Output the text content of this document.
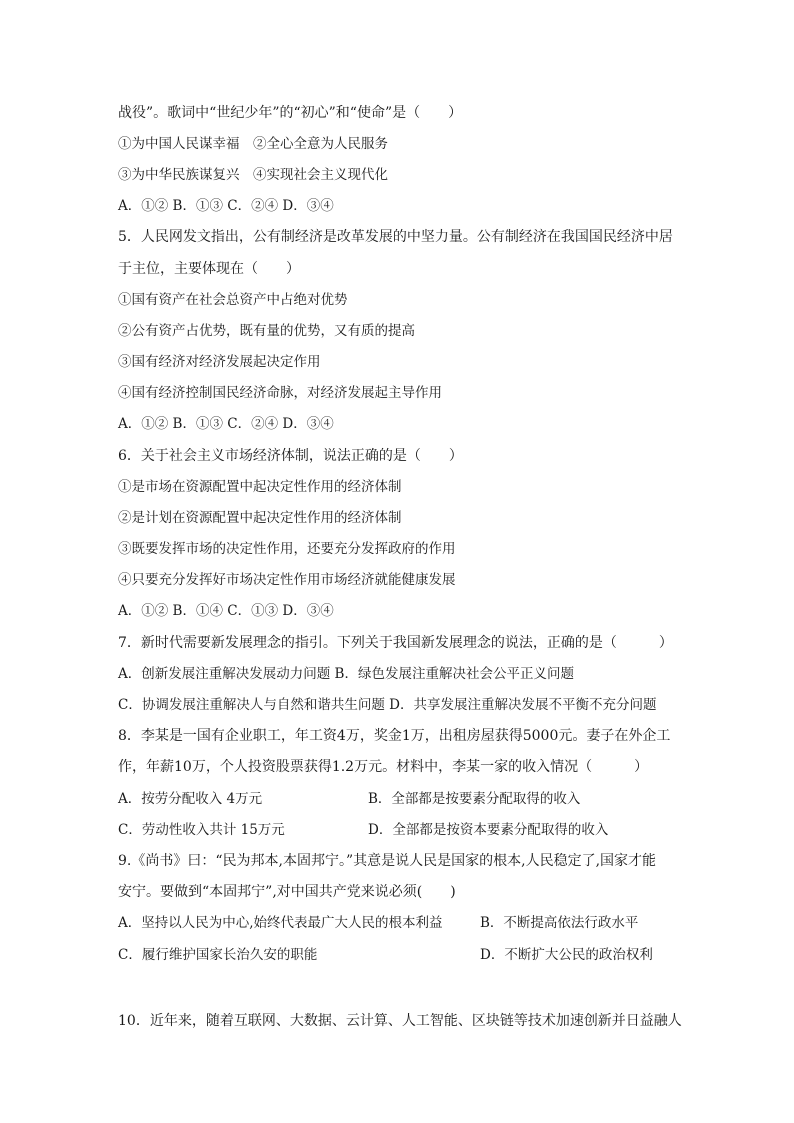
战役”。歌词中“世纪少年”的“初心”和“使命”是（　　）
①为中国人民谋幸福　②全心全意为人民服务
③为中华民族谋复兴　④实现社会主义现代化
A．①② B．①③ C．②④ D．③④
5．人民网发文指出，公有制经济是改革发展的中坚力量。公有制经济在我国国民经济中居
于主位，主要体现在（　　）
①国有资产在社会总资产中占绝对优势
②公有资产占优势，既有量的优势，又有质的提高
③国有经济对经济发展起决定作用
④国有经济控制国民经济命脉，对经济发展起主导作用
A．①② B．①③ C．②④ D．③④
6．关于社会主义市场经济体制，说法正确的是（　　）
①是市场在资源配置中起决定性作用的经济体制
②是计划在资源配置中起决定性作用的经济体制
③既要发挥市场的决定性作用，还要充分发挥政府的作用
④只要充分发挥好市场决定性作用市场经济就能健康发展
A．①② B．①④ C．①③ D．③④
7．新时代需要新发展理念的指引。下列关于我国新发展理念的说法，正确的是（　　　）
A．创新发展注重解决发展动力问题 B．绿色发展注重解决社会公平正义问题
C．协调发展注重解决人与自然和谐共生问题 D．共享发展注重解决发展不平衡不充分问题
8．李某是一国有企业职工，年工资4万，奖金1万，出租房屋获得5000元。妻子在外企工
作，年薪10万，个人投资股票获得1.2万元。材料中，李某一家的收入情况（　　　）
A．按劳分配收入 4万元	B．全部都是按要素分配取得的收入
C．劳动性收入共计 15万元	D．全部都是按资本要素分配取得的收入
9.《尚书》曰：“民为邦本,本固邦宁。”其意是说人民是国家的根本,人民稳定了,国家才能
安宁。要做到“本固邦宁”,对中国共产党来说必须(　　)
A．坚持以人民为中心,始终代表最广大人民的根本利益	B．不断提高依法行政水平
C．履行维护国家长治久安的职能	D．不断扩大公民的政治权利
10．近年来，随着互联网、大数据、云计算、人工智能、区块链等技术加速创新并日益融人
